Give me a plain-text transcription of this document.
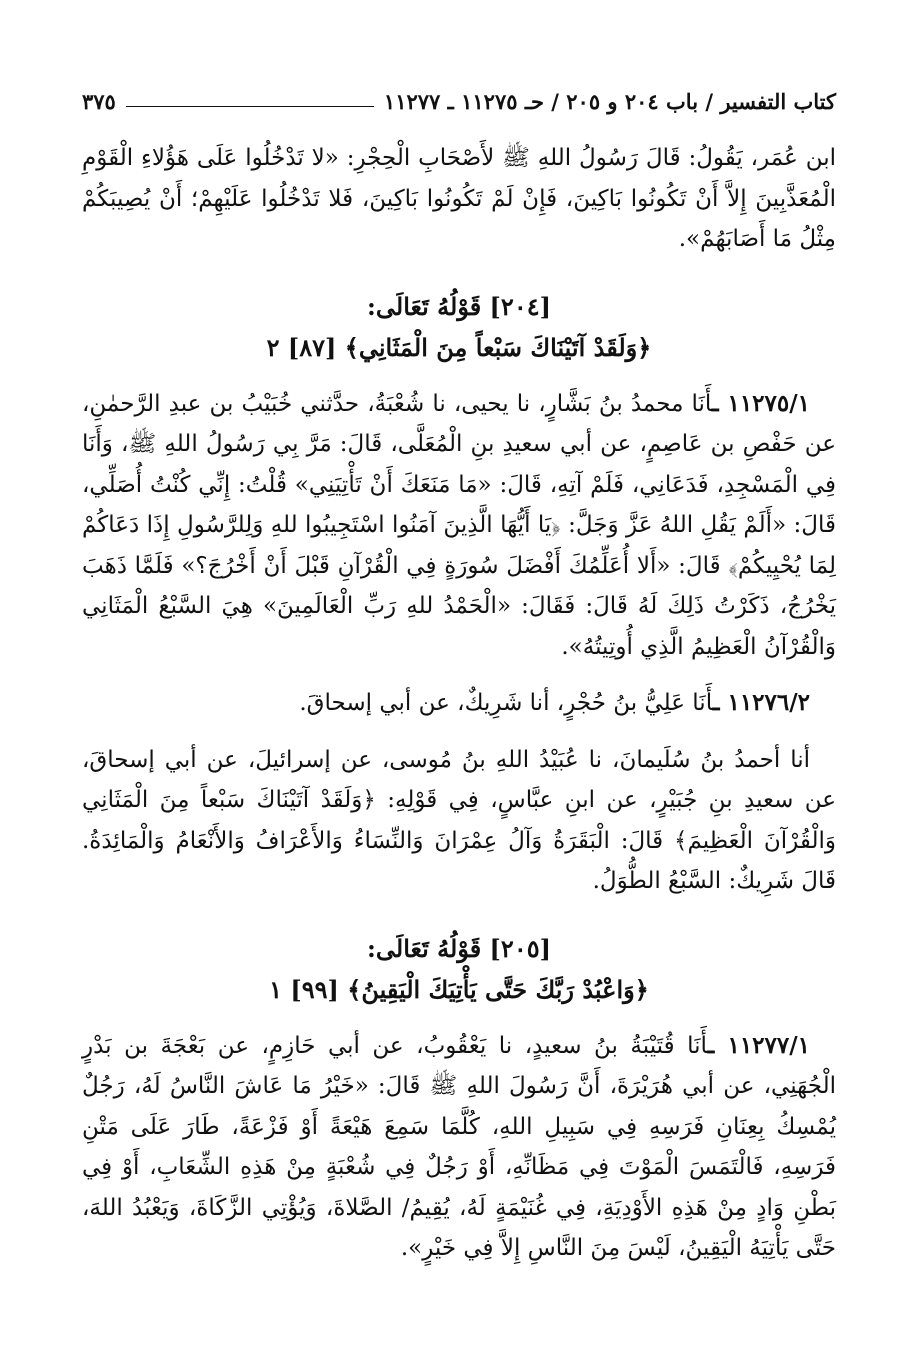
كتاب التفسير / باب ٢٠٤ و ٢٠٥ / حـ ١١٢٧٥ ـ ١١٢٧٧
٣٧٥

ابن عُمَر، يَقُولُ: قَالَ رَسُولُ اللهِ ﷺ لأَصْحَابِ الْحِجْرِ: «لا تَدْخُلُوا عَلَى هَؤُلاءِ الْقَوْمِ الْمُعَذَّبِينَ إِلاَّ أَنْ تَكُونُوا بَاكِينَ، فَإِنْ لَمْ تَكُونُوا بَاكِينَ، فَلا تَدْخُلُوا عَلَيْهِمْ؛ أَنْ يُصِيبَكُمْ مِثْلُ مَا أَصَابَهُمْ».

[٢٠٤] قَوْلُهُ تَعَالَى:

﴿وَلَقَدْ آتَيْنَاكَ سَبْعاً مِنَ الْمَثَانِي﴾ [٨٧] ٢

١١٢٧٥/١ ـأَنَا محمدُ بنُ بَشَّارٍ، نا يحيى، نا شُعْبَةُ، حدَّثني خُبَيْبُ بن عبدِ الرَّحمٰنِ، عن حَفْصِ بن عَاصِمٍ، عن أبي سعيدِ بنِ الْمُعَلَّى، قَالَ: مَرَّ بِي رَسُولُ اللهِ ﷺ، وَأَنَا فِي الْمَسْجِدِ، فَدَعَانِي، فَلَمْ آتِهِ، قَالَ: «مَا مَنَعَكَ أَنْ تَأْتِيَنِي» قُلْتُ: إِنِّي كُنْتُ أُصَلِّي، قَالَ: «أَلَمْ يَقُلِ اللهُ عَزَّ وَجَلَّ: ﴿يَا أَيُّهَا الَّذِينَ آمَنُوا اسْتَجِيبُوا للهِ وَلِلرَّسُولِ إِذَا دَعَاكُمْ لِمَا يُحْيِيكُمْ﴾ قَالَ: «أَلا أُعَلِّمُكَ أَفْضَلَ سُورَةٍ فِي الْقُرْآنِ قَبْلَ أَنْ أَخْرُجَ؟» فَلَمَّا ذَهَبَ يَخْرُجُ، ذَكَرْتُ ذَلِكَ لَهُ قَالَ: فَقَالَ: «الْحَمْدُ للهِ رَبِّ الْعَالَمِينَ» هِيَ السَّبْعُ الْمَثَانِي وَالْقُرْآنُ الْعَظِيمُ الَّذِي أُوتِيتُهُ».

١١٢٧٦/٢ ـأَنَا عَلِيُّ بنُ حُجْرٍ، أنا شَرِيكٌ، عن أبي إسحاقَ.

أنا أحمدُ بنُ سُلَيمانَ، نا عُبَيْدُ اللهِ بنُ مُوسى، عن إسرائيلَ، عن أبي إسحاقَ، عن سعيدِ بنِ جُبَيْرٍ، عن ابنِ عبَّاسٍ، فِي قَوْلِهِ: ﴿وَلَقَدْ آتَيْنَاكَ سَبْعاً مِنَ الْمَثَانِي وَالْقُرْآنَ الْعَظِيمَ﴾ قَالَ: الْبَقَرَةُ وَآلُ عِمْرَانَ وَالنِّسَاءُ وَالأَعْرَافُ وَالأَنْعَامُ وَالْمَائِدَةُ. قَالَ شَرِيكٌ: السَّبْعُ الطُّوَلُ.

[٢٠٥] قَوْلُهُ تَعَالَى:

﴿وَاعْبُدْ رَبَّكَ حَتَّى يَأْتِيَكَ الْيَقِينُ﴾ [٩٩] ١

١١٢٧٧/١ ـأَنَا قُتَيْبَةُ بنُ سعيدٍ، نا يَعْقُوبُ، عن أبي حَازِمٍ، عن بَعْجَةَ بن بَدْرٍ الْجُهَنِي، عن أبي هُرَيْرَةَ، أَنَّ رَسُولَ اللهِ ﷺ قَالَ: «خَيْرُ مَا عَاشَ النَّاسُ لَهُ، رَجُلٌ يُمْسِكُ بِعِنَانِ فَرَسِهِ فِي سَبِيلِ اللهِ، كُلَّمَا سَمِعَ هَيْعَةً أَوْ فَزْعَةً، طَارَ عَلَى مَتْنِ فَرَسِهِ، فَالْتَمَسَ الْمَوْتَ فِي مَظَانِّهِ، أَوْ رَجُلٌ فِي شُعْبَةٍ مِنْ هَذِهِ الشِّعَابِ، أَوْ فِي بَطْنِ وَادٍ مِنْ هَذِهِ الأَوْدِيَةِ، فِي غُنَيْمَةٍ لَهُ، يُقِيمُ/ الصَّلاةَ، وَيُؤْتِي الزَّكَاةَ، وَيَعْبُدُ اللهَ، حَتَّى يَأْتِيَهُ الْيَقِينُ، لَيْسَ مِنَ النَّاسِ إِلاَّ فِي خَيْرٍ».
